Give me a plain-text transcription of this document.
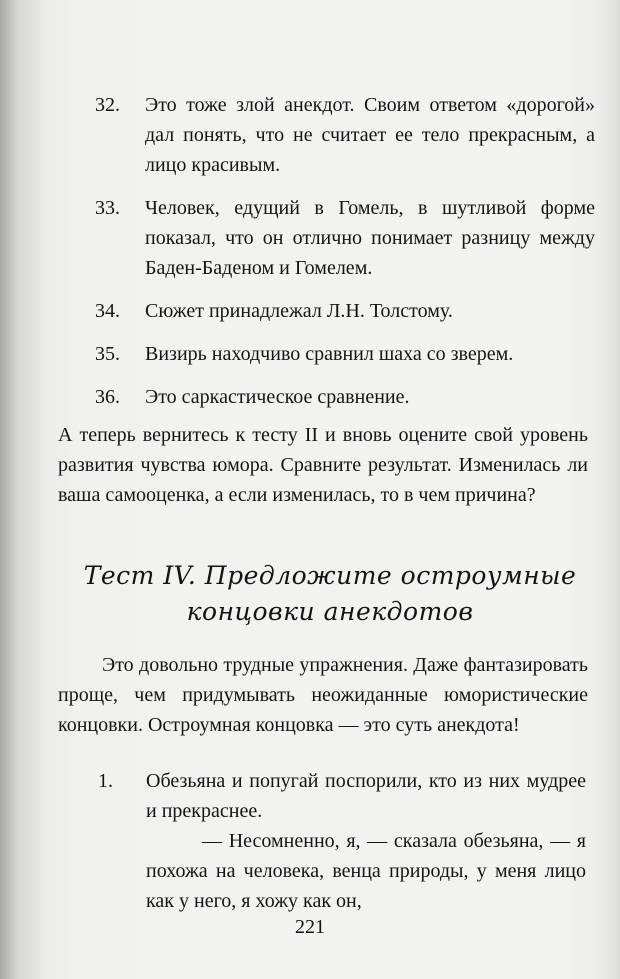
32.	Это тоже злой анекдот. Своим ответом «дорогой» дал понять, что не считает ее тело прекрасным, а лицо красивым.
33.	Человек, едущий в Гомель, в шутливой форме показал, что он отлично понимает разницу между Баден-Баденом и Гомелем.
34.	Сюжет принадлежал Л.Н. Толстому.
35.	Визирь находчиво сравнил шаха со зверем.
36.	Это саркастическое сравнение.

А теперь вернитесь к тесту II и вновь оцените свой уровень развития чувства юмора. Сравните результат. Изменилась ли ваша самооценка, а если изменилась, то в чем причина?

Тест IV. Предложите остроумные
концовки анекдотов

Это довольно трудные упражнения. Даже фантазировать проще, чем придумывать неожиданные юмористические концовки. Остроумная концовка — это суть анекдота!

1.	Обезьяна и попугай поспорили, кто из них мудрее и прекраснее.
— Несомненно, я, — сказала обезьяна, — я похожа на человека, венца природы, у меня лицо как у него, я хожу как он,
221
